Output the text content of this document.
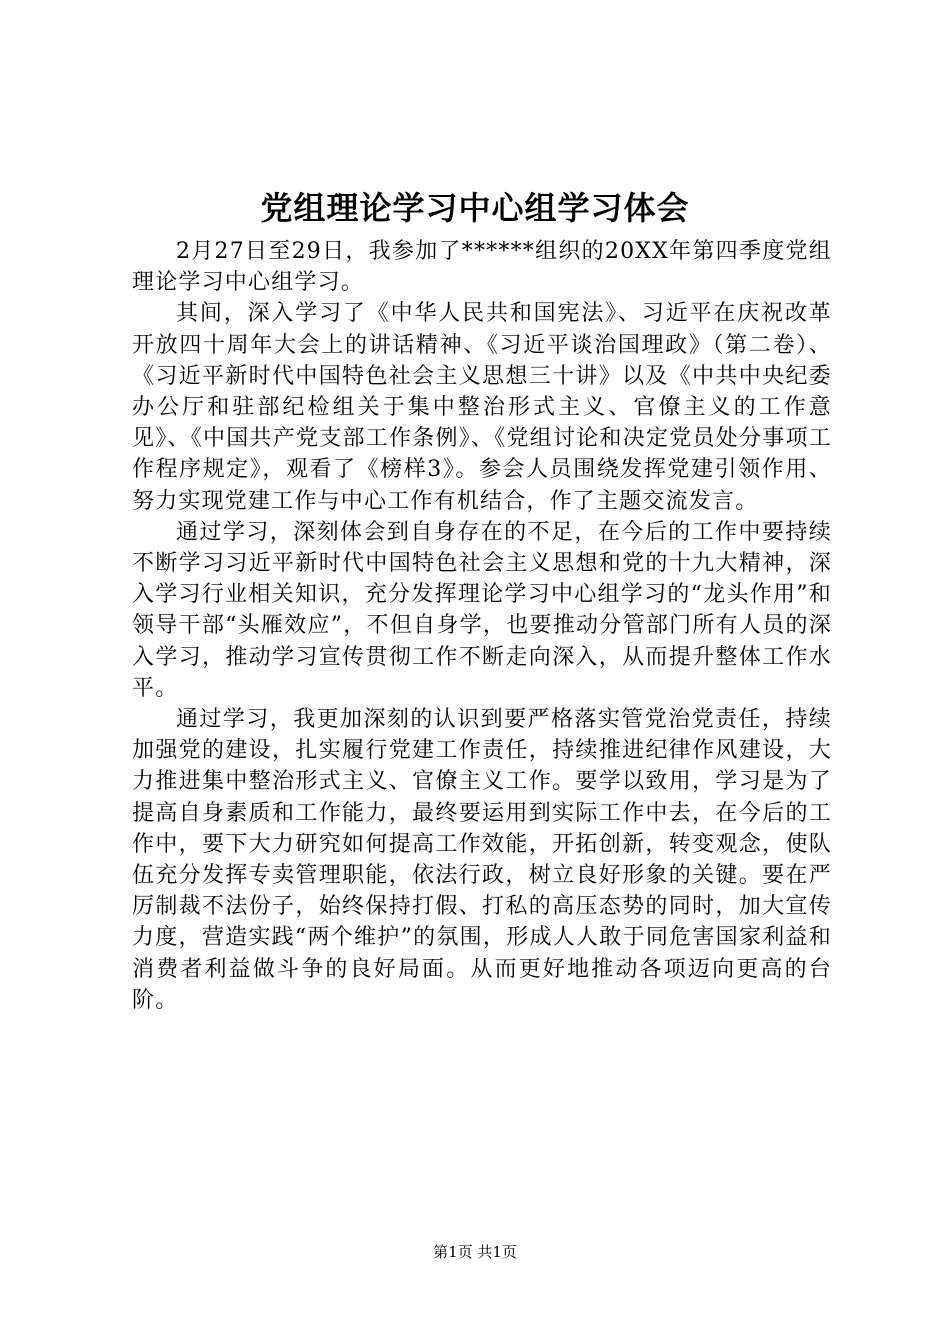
党组理论学习中心组学习体会

2月27日至29日，我参加了******组织的20XX年第四季度党组理论学习中心组学习。

其间，深入学习了《中华人民共和国宪法》、习近平在庆祝改革开放四十周年大会上的讲话精神、《习近平谈治国理政》（第二卷）、《习近平新时代中国特色社会主义思想三十讲》以及《中共中央纪委办公厅和驻部纪检组关于集中整治形式主义、官僚主义的工作意见》、《中国共产党支部工作条例》、《党组讨论和决定党员处分事项工作程序规定》，观看了《榜样3》。参会人员围绕发挥党建引领作用、努力实现党建工作与中心工作有机结合，作了主题交流发言。

通过学习，深刻体会到自身存在的不足，在今后的工作中要持续不断学习习近平新时代中国特色社会主义思想和党的十九大精神，深入学习行业相关知识，充分发挥理论学习中心组学习的“龙头作用”和领导干部“头雁效应”，不但自身学，也要推动分管部门所有人员的深入学习，推动学习宣传贯彻工作不断走向深入，从而提升整体工作水平。

通过学习，我更加深刻的认识到要严格落实管党治党责任，持续加强党的建设，扎实履行党建工作责任，持续推进纪律作风建设，大力推进集中整治形式主义、官僚主义工作。要学以致用，学习是为了提高自身素质和工作能力，最终要运用到实际工作中去，在今后的工作中，要下大力研究如何提高工作效能，开拓创新，转变观念，使队伍充分发挥专卖管理职能，依法行政，树立良好形象的关键。要在严厉制裁不法份子，始终保持打假、打私的高压态势的同时，加大宣传力度，营造实践“两个维护”的氛围，形成人人敢于同危害国家利益和消费者利益做斗争的良好局面。从而更好地推动各项迈向更高的台阶。

第1页 共1页
